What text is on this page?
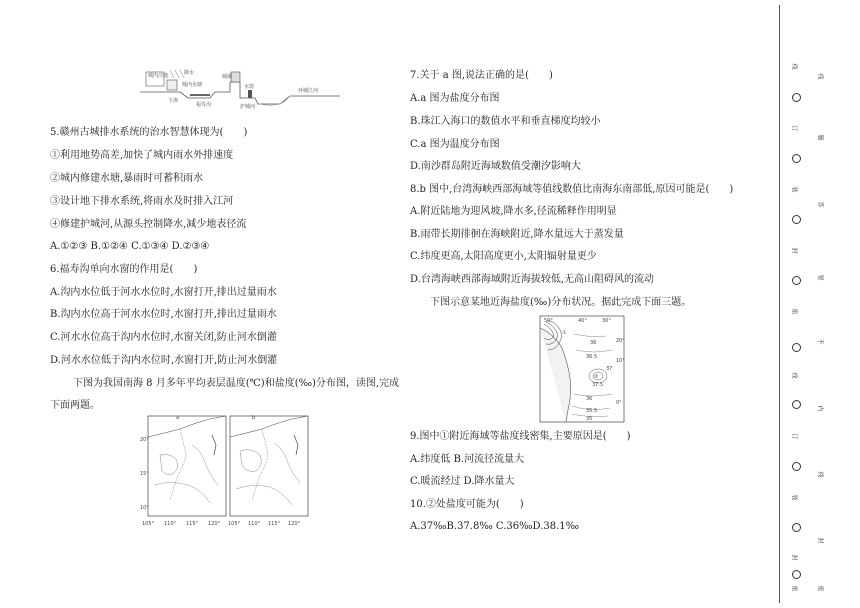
城内洼地	降水
下渗
福寿沟
城内水塘	水窗
护城河
城墙
环城江河
5.赣州古城排水系统的治水智慧体现为(　　)
①利用地势高差,加快了城内雨水外排速度
②城内修建水塘,暴雨时可蓄积雨水
③设计地下排水系统,将雨水及时排入江河
④修建护城河,从源头控制降水,减少地表径流
A.①②③ B.①②④ C.①③④ D.②③④
6.福寿沟单向水窗的作用是(　　)
A.沟内水位低于河水水位时,水窗打开,排出过量雨水
B.沟内水位高于河水水位时,水窗打开,排出过量雨水
C.河水水位高于沟内水位时,水窗关闭,防止河水倒灌
D.河水水位低于沟内水位时,水窗打开,防止河水倒灌
下图为我国南海 8 月多年平均表层温度(℃)和盐度(‰)分布图，读图,完成
下面两题。
a
20°
15°
10°
105° 110° 115° 120°
b
105° 110° 115° 120°
7.关于 a 图,说法正确的是(　　)
A.a 图为盐度分布图
B.珠江入海口的数值水平和垂直梯度均较小
C.a 图为温度分布图
D.南沙群岛附近海域数值受潮汐影响大
8.b 图中,台湾海峡西部海域等值线数值比南海东南部低,原因可能是(　　)
A.附近陆地为迎风坡,降水多,径流稀释作用明显
B.雨带长期徘徊在海峡附近,降水量远大于蒸发量
C.纬度更高,太阳高度更小,太阳辐射量更少
D.台湾海峡西部海域附近海拔较低,无高山阻碍风的流动
下图示意某地近海盐度(‰)分布状况。据此完成下面三题。
50°	40°	30°
20°
10°
0°
36
36.5
37
37.5
36
35.5
35
①
②
9.图中①附近海域等盐度线密集,主要原因是(　　)
A.纬度低 B.河流径流量大
C.暖流经过 D.降水量大
10.②处盐度可能为(　　)
A.37‰B.37.8‰ C.36‰D.38.1‰
线
订
装
封
密
线
订
装
封
密
线
题
答
要
不
内
线
封
密
